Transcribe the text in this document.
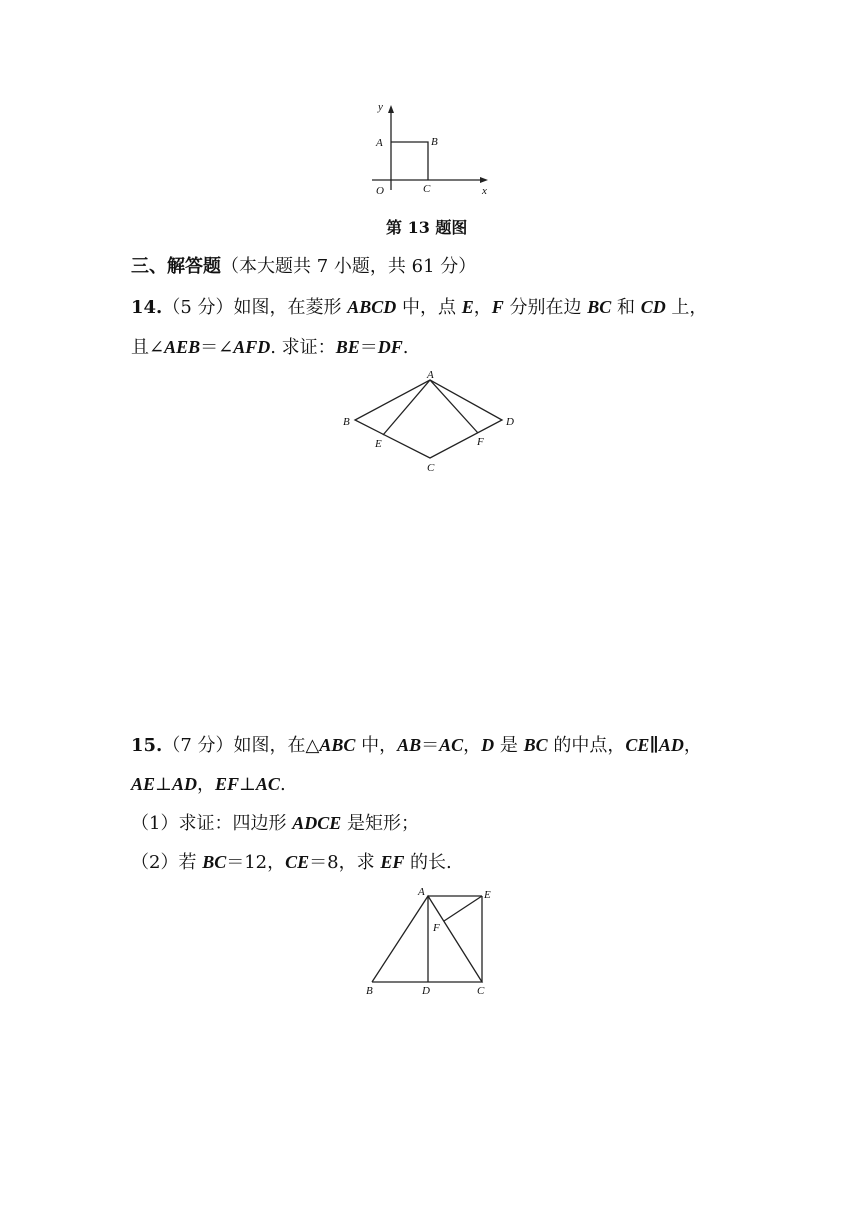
y
x
A	B
O	C
第 13 题图
三、解答题（本大题共 7 小题，共 61 分）
14.（5 分）如图，在菱形 ABCD 中，点 E，F 分别在边 BC 和 CD 上，
且∠AEB＝∠AFD. 求证：BE＝DF.
A
B
C
D
E	F
15.（7 分）如图，在△ABC 中，AB＝AC，D 是 BC 的中点，CE∥AD，
AE⊥AD，EF⊥AC.
（1）求证：四边形 ADCE 是矩形；
（2）若 BC＝12，CE＝8，求 EF 的长.
A	E
F
B	D	C
